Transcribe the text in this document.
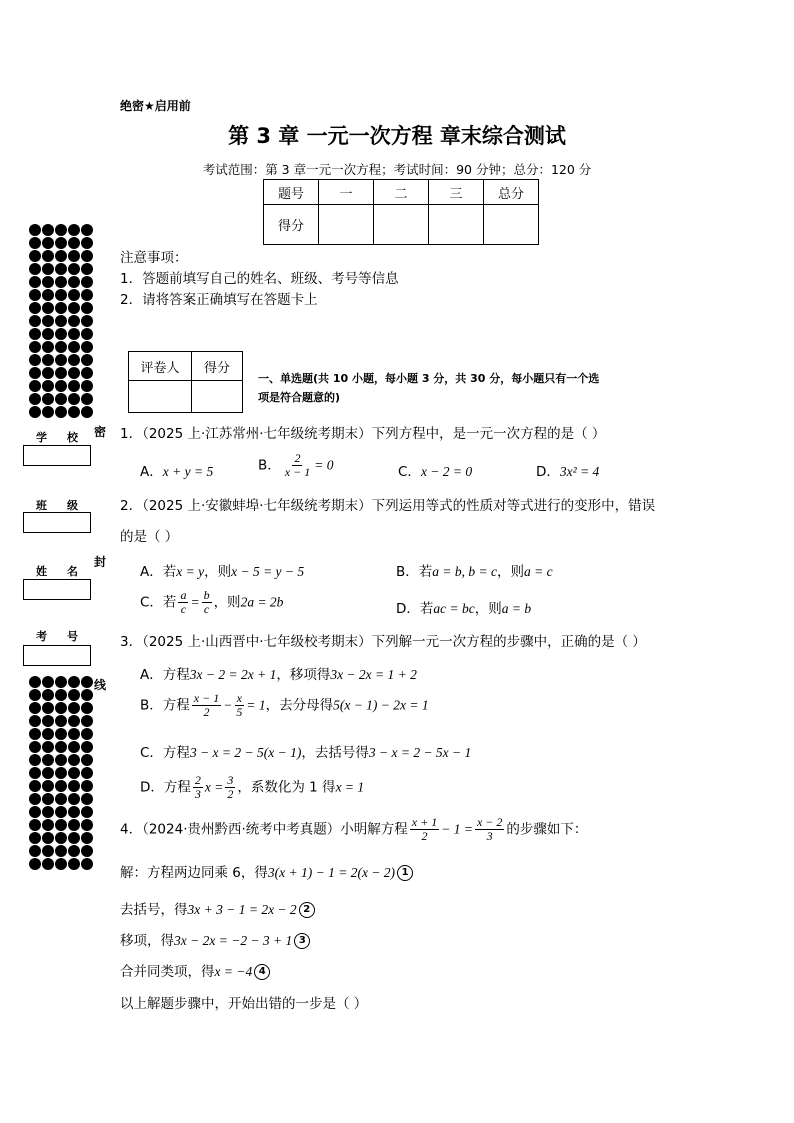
绝密★启用前
第 3 章 一元一次方程 章末综合测试
考试范围：第 3 章一元一次方程；考试时间：90 分钟；总分：120 分
题号	一	二	三	总分
得分				
学校
班级
姓名
考号
密
封
线
注意事项：
1．答题前填写自己的姓名、班级、考号等信息
2．请将答案正确填写在答题卡上
评卷人	得分

一、单选题(共 10 小题，每小题 3 分，共 30 分，每小题只有一个选
项是符合题意的)
1．（2025 上·江苏常州·七年级统考期末）下列方程中，是一元一次方程的是（ ）
A．x + y = 5	B． $\frac{2}{x - 1} = 0$	C．x − 2 = 0	D．3x² = 4
2．（2025 上·安徽蚌埠·七年级统考期末）下列运用等式的性质对等式进行的变形中，错误
的是（ ）
A．若x = y，则x − 5 = y − 5	B．若a = b, b = c，则a = c
C．若 $\frac{a}{c} = \frac{b}{c}$ ，则2a = 2b	D．若ac = bc，则a = b
3．（2025 上·山西晋中·七年级校考期末）下列解一元一次方程的步骤中，正确的是（ ）
A．方程3x − 2 = 2x + 1，移项得3x − 2x = 1 + 2
B．方程 $\frac{x - 1}{2} - \frac{x}{5} = 1$，去分母得5(x − 1) − 2x = 1
C．方程3 − x = 2 − 5(x − 1)，去括号得3 − x = 2 − 5x − 1
D．方程 $\frac{2}{3}$ $x = \frac{3}{2}$ ，系数化为 1 得x = 1
4．（2024·贵州黔西·统考中考真题）小明解方程 $\frac{x + 1}{2} - 1 = \frac{x - 2}{3}$ 的步骤如下：
解：方程两边同乘 6，得3(x + 1) − 1 = 2(x − 2) 1
去括号，得3x + 3 − 1 = 2x − 2 2
移项，得3x − 2x = −2 − 3 + 1 3
合并同类项，得x = −4 4
以上解题步骤中，开始出错的一步是（ ）
